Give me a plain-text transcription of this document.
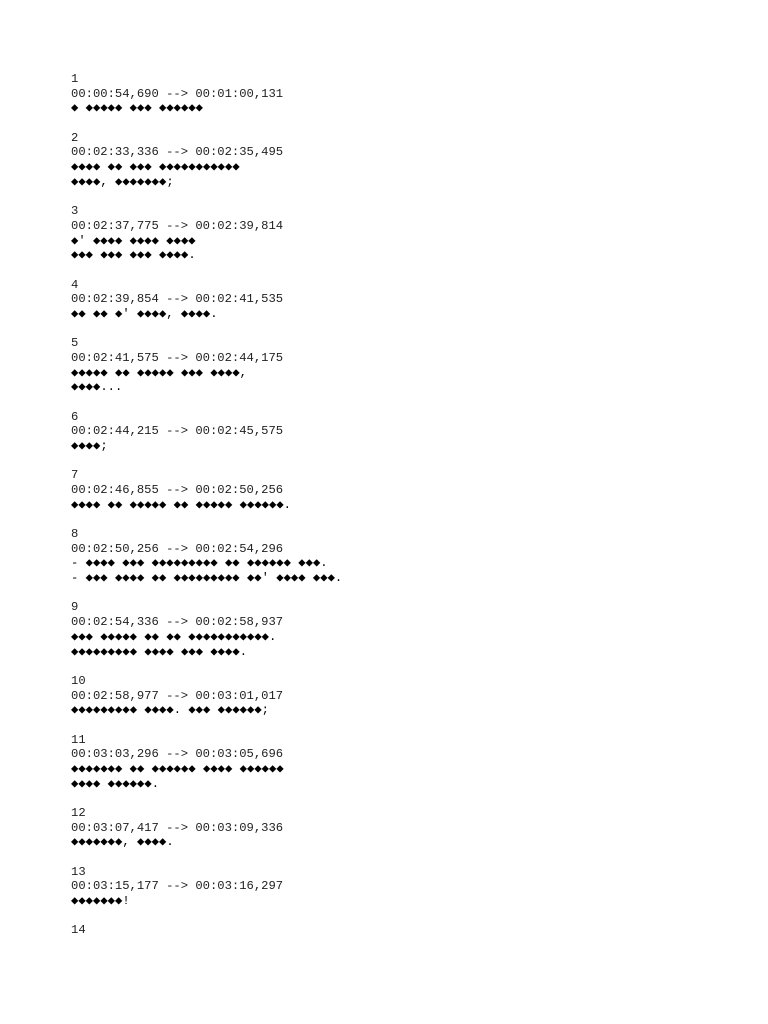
1
00:00:54,690 --> 00:01:00,131
◆ ◆◆◆◆◆ ◆◆◆ ◆◆◆◆◆◆
2
00:02:33,336 --> 00:02:35,495
◆◆◆◆ ◆◆ ◆◆◆ ◆◆◆◆◆◆◆◆◆◆◆
◆◆◆◆, ◆◆◆◆◆◆◆;
3
00:02:37,775 --> 00:02:39,814
◆' ◆◆◆◆ ◆◆◆◆ ◆◆◆◆
◆◆◆ ◆◆◆ ◆◆◆ ◆◆◆◆.
4
00:02:39,854 --> 00:02:41,535
◆◆ ◆◆ ◆' ◆◆◆◆, ◆◆◆◆.
5
00:02:41,575 --> 00:02:44,175
◆◆◆◆◆ ◆◆ ◆◆◆◆◆ ◆◆◆ ◆◆◆◆,
◆◆◆◆...
6
00:02:44,215 --> 00:02:45,575
◆◆◆◆;
7
00:02:46,855 --> 00:02:50,256
◆◆◆◆ ◆◆ ◆◆◆◆◆ ◆◆ ◆◆◆◆◆ ◆◆◆◆◆◆.
8
00:02:50,256 --> 00:02:54,296
- ◆◆◆◆ ◆◆◆ ◆◆◆◆◆◆◆◆◆ ◆◆ ◆◆◆◆◆◆ ◆◆◆.
- ◆◆◆ ◆◆◆◆ ◆◆ ◆◆◆◆◆◆◆◆◆ ◆◆' ◆◆◆◆ ◆◆◆.
9
00:02:54,336 --> 00:02:58,937
◆◆◆ ◆◆◆◆◆ ◆◆ ◆◆ ◆◆◆◆◆◆◆◆◆◆◆.
◆◆◆◆◆◆◆◆◆ ◆◆◆◆ ◆◆◆ ◆◆◆◆.
10
00:02:58,977 --> 00:03:01,017
◆◆◆◆◆◆◆◆◆ ◆◆◆◆. ◆◆◆ ◆◆◆◆◆◆;
11
00:03:03,296 --> 00:03:05,696
◆◆◆◆◆◆◆ ◆◆ ◆◆◆◆◆◆ ◆◆◆◆ ◆◆◆◆◆◆
◆◆◆◆ ◆◆◆◆◆◆.
12
00:03:07,417 --> 00:03:09,336
◆◆◆◆◆◆◆, ◆◆◆◆.
13
00:03:15,177 --> 00:03:16,297
◆◆◆◆◆◆◆!
14
